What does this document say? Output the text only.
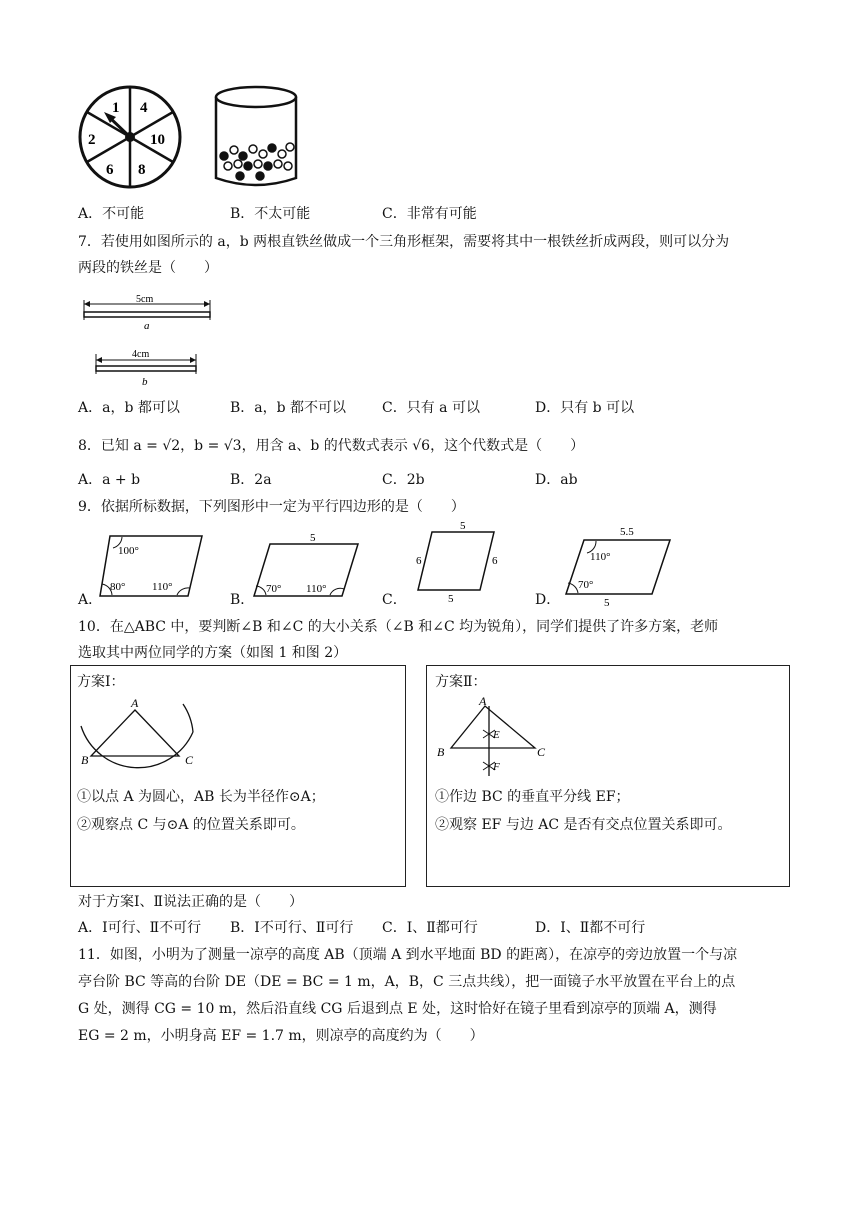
1 4
2	10
6 8
A．不可能	B．不太可能	C．非常有可能
7．若使用如图所示的 a，b 两根直铁丝做成一个三角形框架，需要将其中一根铁丝折成两段，则可以分为
两段的铁丝是（　　）
5cm
a
4cm
b
A．a，b 都可以	B．a，b 都不可以	C．只有 a 可以	D．只有 b 可以
8．已知 a = √2，b = √3，用含 a、b 的代数式表示 √6，这个代数式是（　　）
A．a + b	B．2a	C．2b	D．ab
9．依据所标数据，下列图形中一定为平行四边形的是（　　）
A．
100°
80° 110°
B．
5
70° 110°
C．
5
6	6
5	D．
5.5
110°
70°
5
10．在△ABC 中，要判断∠B 和∠C 的大小关系（∠B 和∠C 均为锐角），同学们提供了许多方案，老师
选取其中两位同学的方案（如图 1 和图 2）
方案Ⅰ：
A
B	C
①以点 A 为圆心，AB 长为半径作⊙A；
②观察点 C 与⊙A 的位置关系即可。
方案Ⅱ：
A
B	C
E
F
①作边 BC 的垂直平分线 EF；
②观察 EF 与边 AC 是否有交点位置关系即可。
对于方案Ⅰ、Ⅱ说法正确的是（　　）
A．Ⅰ可行、Ⅱ不可行 B．Ⅰ不可行、Ⅱ可行 C．Ⅰ、Ⅱ都可行	D．Ⅰ、Ⅱ都不可行
11．如图，小明为了测量一凉亭的高度 AB（顶端 A 到水平地面 BD 的距离），在凉亭的旁边放置一个与凉
亭台阶 BC 等高的台阶 DE（DE = BC = 1 m，A，B，C 三点共线），把一面镜子水平放置在平台上的点
G 处，测得 CG = 10 m，然后沿直线 CG 后退到点 E 处，这时恰好在镜子里看到凉亭的顶端 A，测得
EG = 2 m，小明身高 EF = 1.7 m，则凉亭的高度约为（　　）
